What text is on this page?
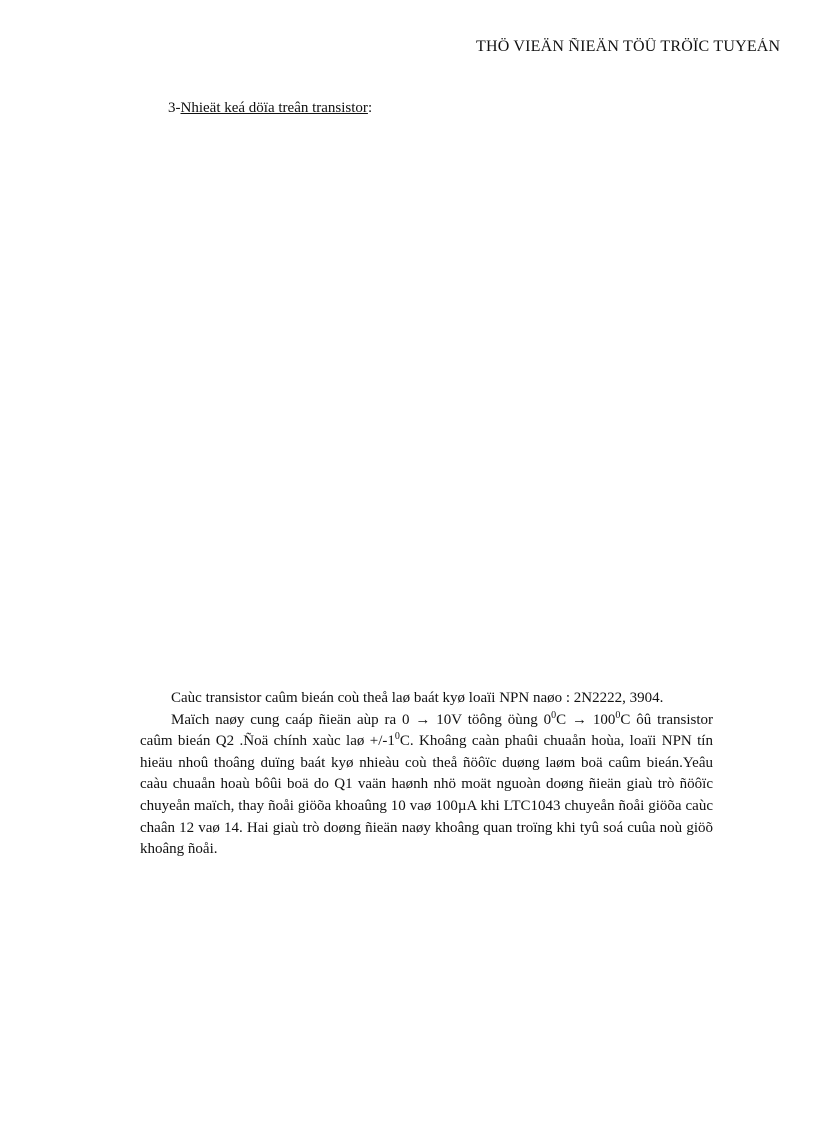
THÖ VIEÄN ÑIEÄN TÖÛ TRÖÏC TUYEÁN
3-Nhieät keá döïa treân transistor:

Caùc transistor caûm bieán coù theå laø baát kyø loaïi NPN naøo : 2N2222, 3904.

Maïch naøy cung caáp ñieän aùp ra 0 → 10V töông öùng $0^0C \to 100^0C$ ôû transistor caûm bieán Q2 .Ñoä chính xaùc laø $+/-1^0C$. Khoâng caàn phaûi chuaån hoùa, loaïi NPN tín hieäu nhoû thoâng duïng baát kyø nhieàu coù theå ñöôïc duøng laøm boä caûm bieán.Yeâu caàu chuaån hoaù bôûi boä do Q1 vaän haønh nhö moät nguoàn doøng ñieän giaù trò ñöôïc chuyeån maïch, thay ñoåi giöõa khoaûng 10 vaø 100µA khi LTC1043 chuyeån ñoåi giöõa caùc chaân 12 vaø 14. Hai giaù trò doøng ñieän naøy khoâng quan troïng khi tyû soá cuûa noù giöõ khoâng ñoåi.
